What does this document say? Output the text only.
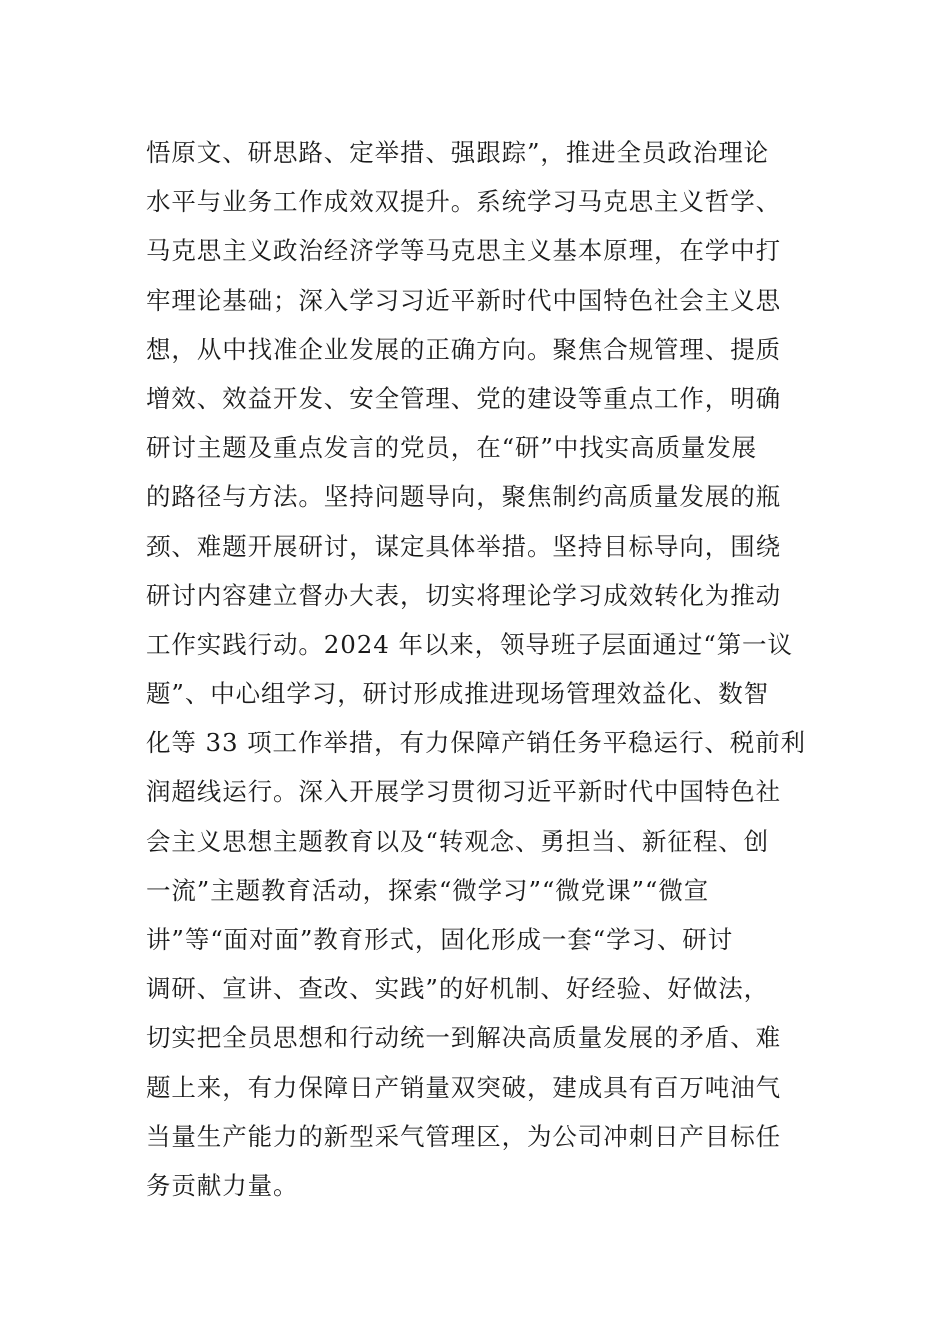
悟原文、研思路、定举措、强跟踪”，推进全员政治理论
水平与业务工作成效双提升。系统学习马克思主义哲学、
马克思主义政治经济学等马克思主义基本原理，在学中打
牢理论基础；深入学习习近平新时代中国特色社会主义思
想，从中找准企业发展的正确方向。聚焦合规管理、提质
增效、效益开发、安全管理、党的建设等重点工作，明确
研讨主题及重点发言的党员，在“研”中找实高质量发展
的路径与方法。坚持问题导向，聚焦制约高质量发展的瓶
颈、难题开展研讨，谋定具体举措。坚持目标导向，围绕
研讨内容建立督办大表，切实将理论学习成效转化为推动
工作实践行动。2024 年以来，领导班子层面通过“第一议
题”、中心组学习，研讨形成推进现场管理效益化、数智
化等 33 项工作举措，有力保障产销任务平稳运行、税前利
润超线运行。深入开展学习贯彻习近平新时代中国特色社
会主义思想主题教育以及“转观念、勇担当、新征程、创
一流”主题教育活动，探索“微学习”“微党课”“微宣
讲”等“面对面”教育形式，固化形成一套“学习、研讨
调研、宣讲、查改、实践”的好机制、好经验、好做法，
切实把全员思想和行动统一到解决高质量发展的矛盾、难
题上来，有力保障日产销量双突破，建成具有百万吨油气
当量生产能力的新型采气管理区，为公司冲刺日产目标任
务贡献力量。
